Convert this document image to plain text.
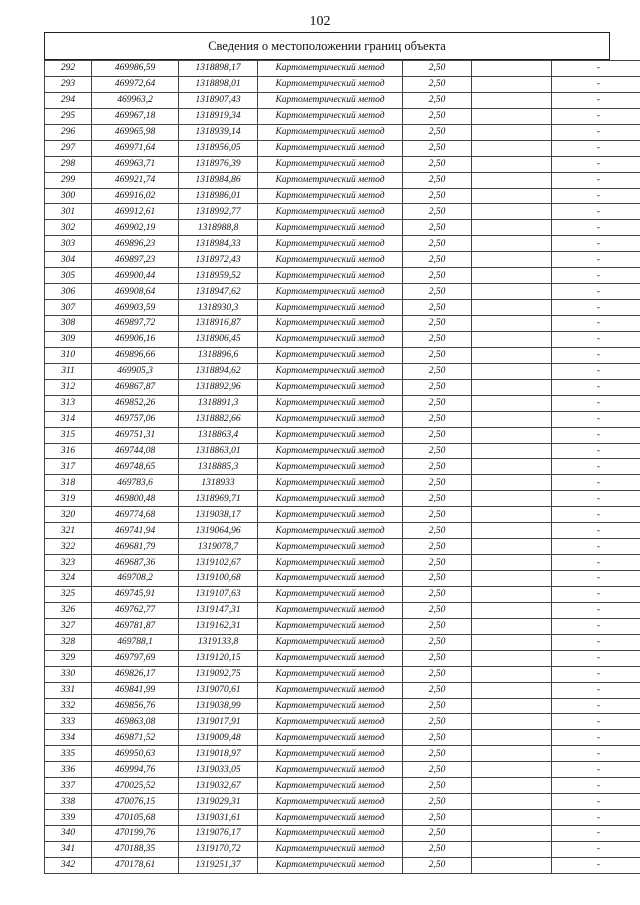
102
Сведения о местоположении границ объекта
292	469986,59	1318898,17	Картометрический метод	2,50		-
293	469972,64	1318898,01	Картометрический метод	2,50		-
294	469963,2	1318907,43	Картометрический метод	2,50		-
295	469967,18	1318919,34	Картометрический метод	2,50		-
296	469965,98	1318939,14	Картометрический метод	2,50		-
297	469971,64	1318956,05	Картометрический метод	2,50		-
298	469963,71	1318976,39	Картометрический метод	2,50		-
299	469921,74	1318984,86	Картометрический метод	2,50		-
300	469916,02	1318986,01	Картометрический метод	2,50		-
301	469912,61	1318992,77	Картометрический метод	2,50		-
302	469902,19	1318988,8	Картометрический метод	2,50		-
303	469896,23	1318984,33	Картометрический метод	2,50		-
304	469897,23	1318972,43	Картометрический метод	2,50		-
305	469900,44	1318959,52	Картометрический метод	2,50		-
306	469908,64	1318947,62	Картометрический метод	2,50		-
307	469903,59	1318930,3	Картометрический метод	2,50		-
308	469897,72	1318916,87	Картометрический метод	2,50		-
309	469906,16	1318906,45	Картометрический метод	2,50		-
310	469896,66	1318896,6	Картометрический метод	2,50		-
311	469905,3	1318894,62	Картометрический метод	2,50		-
312	469867,87	1318892,96	Картометрический метод	2,50		-
313	469852,26	1318891,3	Картометрический метод	2,50		-
314	469757,06	1318882,66	Картометрический метод	2,50		-
315	469751,31	1318863,4	Картометрический метод	2,50		-
316	469744,08	1318863,01	Картометрический метод	2,50		-
317	469748,65	1318885,3	Картометрический метод	2,50		-
318	469783,6	1318933	Картометрический метод	2,50		-
319	469800,48	1318969,71	Картометрический метод	2,50		-
320	469774,68	1319038,17	Картометрический метод	2,50		-
321	469741,94	1319064,96	Картометрический метод	2,50		-
322	469681,79	1319078,7	Картометрический метод	2,50		-
323	469687,36	1319102,67	Картометрический метод	2,50		-
324	469708,2	1319100,68	Картометрический метод	2,50		-
325	469745,91	1319107,63	Картометрический метод	2,50		-
326	469762,77	1319147,31	Картометрический метод	2,50		-
327	469781,87	1319162,31	Картометрический метод	2,50		-
328	469788,1	1319133,8	Картометрический метод	2,50		-
329	469797,69	1319120,15	Картометрический метод	2,50		-
330	469826,17	1319092,75	Картометрический метод	2,50		-
331	469841,99	1319070,61	Картометрический метод	2,50		-
332	469856,76	1319038,99	Картометрический метод	2,50		-
333	469863,08	1319017,91	Картометрический метод	2,50		-
334	469871,52	1319009,48	Картометрический метод	2,50		-
335	469950,63	1319018,97	Картометрический метод	2,50		-
336	469994,76	1319033,05	Картометрический метод	2,50		-
337	470025,52	1319032,67	Картометрический метод	2,50		-
338	470076,15	1319029,31	Картометрический метод	2,50		-
339	470105,68	1319031,61	Картометрический метод	2,50		-
340	470199,76	1319076,17	Картометрический метод	2,50		-
341	470188,35	1319170,72	Картометрический метод	2,50		-
342	470178,61	1319251,37	Картометрический метод	2,50		-
